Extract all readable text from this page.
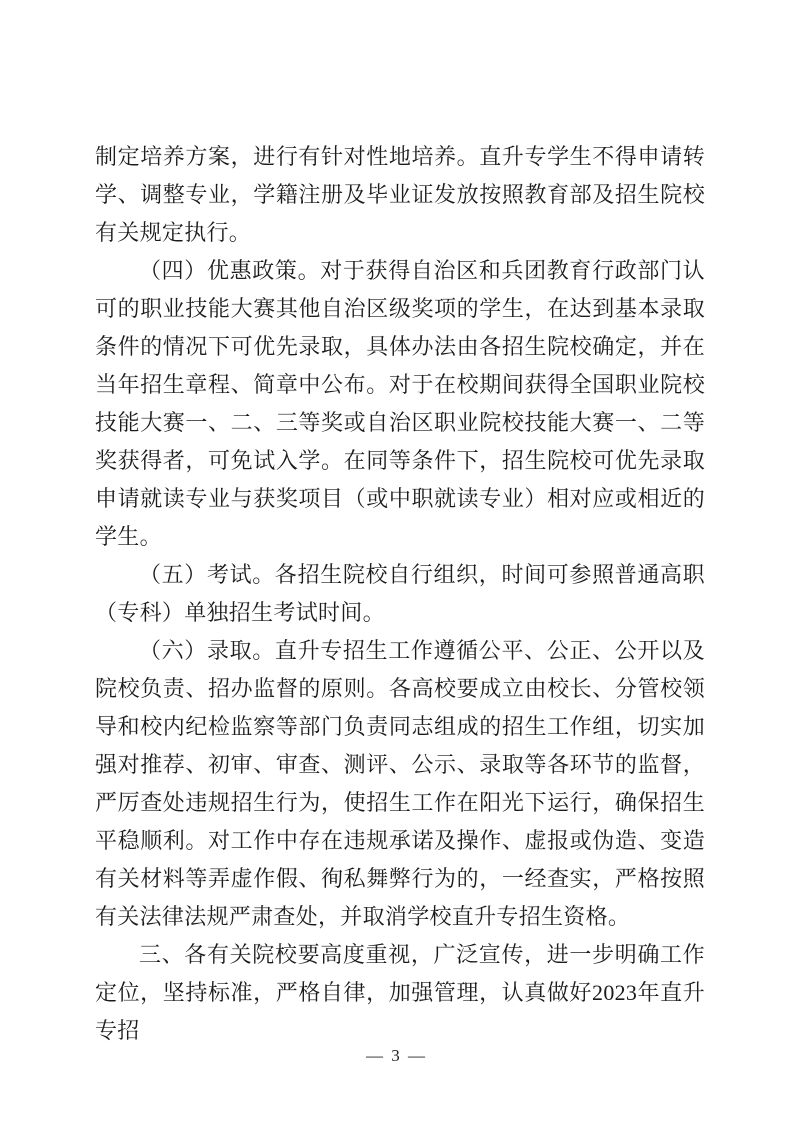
制定培养方案，进行有针对性地培养。直升专学生不得申请转学、调整专业，学籍注册及毕业证发放按照教育部及招生院校有关规定执行。

（四）优惠政策。对于获得自治区和兵团教育行政部门认可的职业技能大赛其他自治区级奖项的学生，在达到基本录取条件的情况下可优先录取，具体办法由各招生院校确定，并在当年招生章程、简章中公布。对于在校期间获得全国职业院校技能大赛一、二、三等奖或自治区职业院校技能大赛一、二等奖获得者，可免试入学。在同等条件下，招生院校可优先录取申请就读专业与获奖项目（或中职就读专业）相对应或相近的学生。

（五）考试。各招生院校自行组织，时间可参照普通高职（专科）单独招生考试时间。

（六）录取。直升专招生工作遵循公平、公正、公开以及院校负责、招办监督的原则。各高校要成立由校长、分管校领导和校内纪检监察等部门负责同志组成的招生工作组，切实加强对推荐、初审、审查、测评、公示、录取等各环节的监督，严厉查处违规招生行为，使招生工作在阳光下运行，确保招生平稳顺利。对工作中存在违规承诺及操作、虚报或伪造、变造有关材料等弄虚作假、徇私舞弊行为的，一经查实，严格按照有关法律法规严肃查处，并取消学校直升专招生资格。

三、各有关院校要高度重视，广泛宣传，进一步明确工作定位，坚持标准，严格自律，加强管理，认真做好2023年直升专招

— 3 —
